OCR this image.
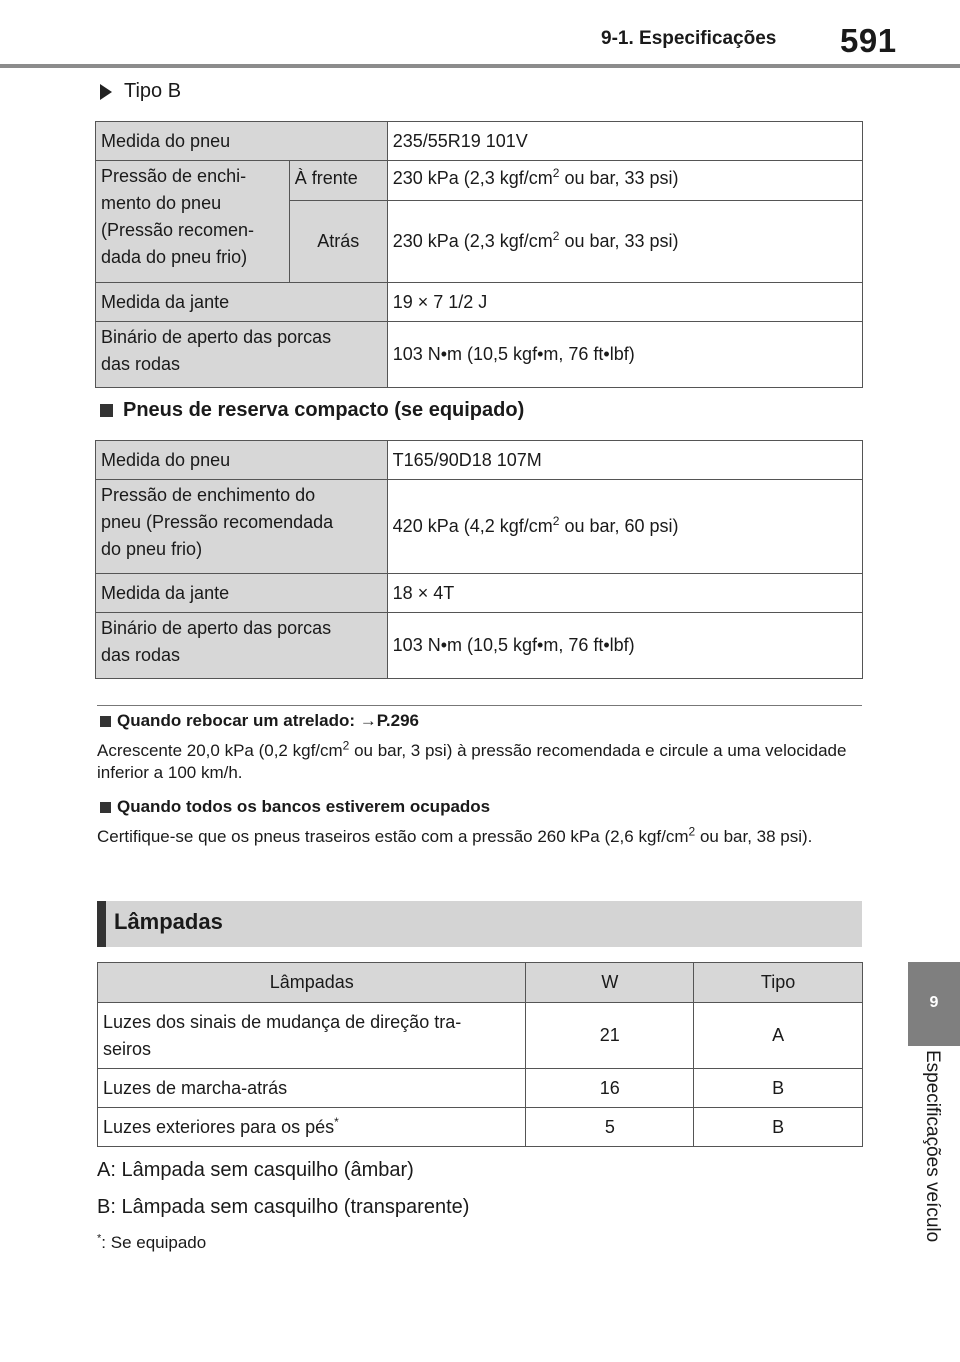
9-1. Especificações 591
9
Especificações veículo
Tipo B
Medida do pneu		235/55R19 101V

Pressão de enchi-
mento do pneu
(Pressão recomen-
dada do pneu frio)	À frente	230 kPa (2,3 kgf/$cm^2$ ou bar, 33 psi)
	Atrás	230 kPa (2,3 kgf/$cm^2$ ou bar, 33 psi)
Medida da jante		19 × 7 1/2 J

Binário de aperto das porcas
das rodas		103 N•m (10,5 kgf•m, 76 ft•lbf)
Pneus de reserva compacto (se equipado)
Medida do pneu	T165/90D18 107M

Pressão de enchimento do
pneu (Pressão recomendada
do pneu frio)	420 kPa (4,2 kgf/$cm^2$ ou bar, 60 psi)
Medida da jante	18 × 4T

Binário de aperto das porcas
das rodas	103 N•m (10,5 kgf•m, 76 ft•lbf)
Quando rebocar um atrelado: →P.296
Acrescente 20,0 kPa (0,2 kgf/$cm^2$ ou bar, 3 psi) à pressão recomendada e circule a uma velocidade inferior a 100 km/h.
Quando todos os bancos estiverem ocupados
Certifique-se que os pneus traseiros estão com a pressão 260 kPa (2,6 kgf/$cm^2$ ou bar, 38 psi).
Lâmpadas
Lâmpadas	W	Tipo

Luzes dos sinais de mudança de direção tra-
seiros	21	A
Luzes de marcha-atrás	16	B
Luzes exteriores para os pés*	5	B
A: Lâmpada sem casquilho (âmbar)
B: Lâmpada sem casquilho (transparente)
*: Se equipado
